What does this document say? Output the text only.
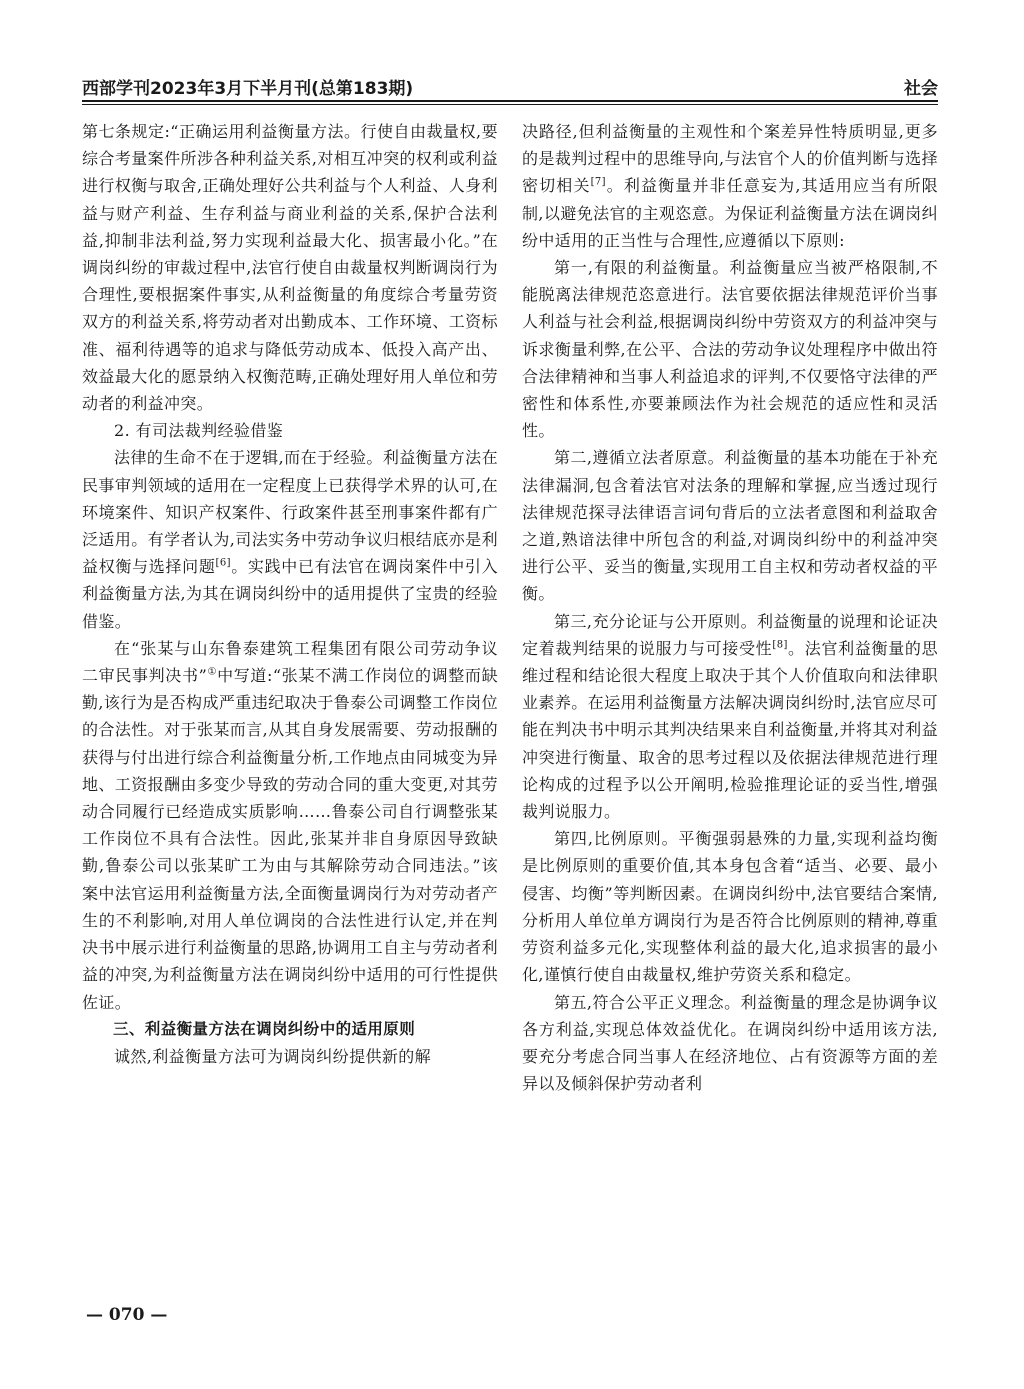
西部学刊2023年3月下半月刊(总第183期)	社会

第七条规定:“正确运用利益衡量方法。行使自由裁量权,要综合考量案件所涉各种利益关系,对相互冲突的权利或利益进行权衡与取舍,正确处理好公共利益与个人利益、人身利益与财产利益、生存利益与商业利益的关系,保护合法利益,抑制非法利益,努力实现利益最大化、损害最小化。”在调岗纠纷的审裁过程中,法官行使自由裁量权判断调岗行为合理性,要根据案件事实,从利益衡量的角度综合考量劳资双方的利益关系,将劳动者对出勤成本、工作环境、工资标准、福利待遇等的追求与降低劳动成本、低投入高产出、效益最大化的愿景纳入权衡范畴,正确处理好用人单位和劳动者的利益冲突。

2. 有司法裁判经验借鉴

法律的生命不在于逻辑,而在于经验。利益衡量方法在民事审判领域的适用在一定程度上已获得学术界的认可,在环境案件、知识产权案件、行政案件甚至刑事案件都有广泛适用。有学者认为,司法实务中劳动争议归根结底亦是利益权衡与选择问题[6]。实践中已有法官在调岗案件中引入利益衡量方法,为其在调岗纠纷中的适用提供了宝贵的经验借鉴。

在“张某与山东鲁泰建筑工程集团有限公司劳动争议二审民事判决书”①中写道:“张某不满工作岗位的调整而缺勤,该行为是否构成严重违纪取决于鲁泰公司调整工作岗位的合法性。对于张某而言,从其自身发展需要、劳动报酬的获得与付出进行综合利益衡量分析,工作地点由同城变为异地、工资报酬由多变少导致的劳动合同的重大变更,对其劳动合同履行已经造成实质影响……鲁泰公司自行调整张某工作岗位不具有合法性。因此,张某并非自身原因导致缺勤,鲁泰公司以张某旷工为由与其解除劳动合同违法。”该案中法官运用利益衡量方法,全面衡量调岗行为对劳动者产生的不利影响,对用人单位调岗的合法性进行认定,并在判决书中展示进行利益衡量的思路,协调用工自主与劳动者利益的冲突,为利益衡量方法在调岗纠纷中适用的可行性提供佐证。

三、利益衡量方法在调岗纠纷中的适用原则

诚然,利益衡量方法可为调岗纠纷提供新的解

决路径,但利益衡量的主观性和个案差异性特质明显,更多的是裁判过程中的思维导向,与法官个人的价值判断与选择密切相关[7]。利益衡量并非任意妄为,其适用应当有所限制,以避免法官的主观恣意。为保证利益衡量方法在调岗纠纷中适用的正当性与合理性,应遵循以下原则:

第一,有限的利益衡量。利益衡量应当被严格限制,不能脱离法律规范恣意进行。法官要依据法律规范评价当事人利益与社会利益,根据调岗纠纷中劳资双方的利益冲突与诉求衡量利弊,在公平、合法的劳动争议处理程序中做出符合法律精神和当事人利益追求的评判,不仅要恪守法律的严密性和体系性,亦要兼顾法作为社会规范的适应性和灵活性。

第二,遵循立法者原意。利益衡量的基本功能在于补充法律漏洞,包含着法官对法条的理解和掌握,应当透过现行法律规范探寻法律语言词句背后的立法者意图和利益取舍之道,熟谙法律中所包含的利益,对调岗纠纷中的利益冲突进行公平、妥当的衡量,实现用工自主权和劳动者权益的平衡。

第三,充分论证与公开原则。利益衡量的说理和论证决定着裁判结果的说服力与可接受性[8]。法官利益衡量的思维过程和结论很大程度上取决于其个人价值取向和法律职业素养。在运用利益衡量方法解决调岗纠纷时,法官应尽可能在判决书中明示其判决结果来自利益衡量,并将其对利益冲突进行衡量、取舍的思考过程以及依据法律规范进行理论构成的过程予以公开阐明,检验推理论证的妥当性,增强裁判说服力。

第四,比例原则。平衡强弱悬殊的力量,实现利益均衡是比例原则的重要价值,其本身包含着“适当、必要、最小侵害、均衡”等判断因素。在调岗纠纷中,法官要结合案情,分析用人单位单方调岗行为是否符合比例原则的精神,尊重劳资利益多元化,实现整体利益的最大化,追求损害的最小化,谨慎行使自由裁量权,维护劳资关系和稳定。

第五,符合公平正义理念。利益衡量的理念是协调争议各方利益,实现总体效益优化。在调岗纠纷中适用该方法,要充分考虑合同当事人在经济地位、占有资源等方面的差异以及倾斜保护劳动者利

— 070 —
